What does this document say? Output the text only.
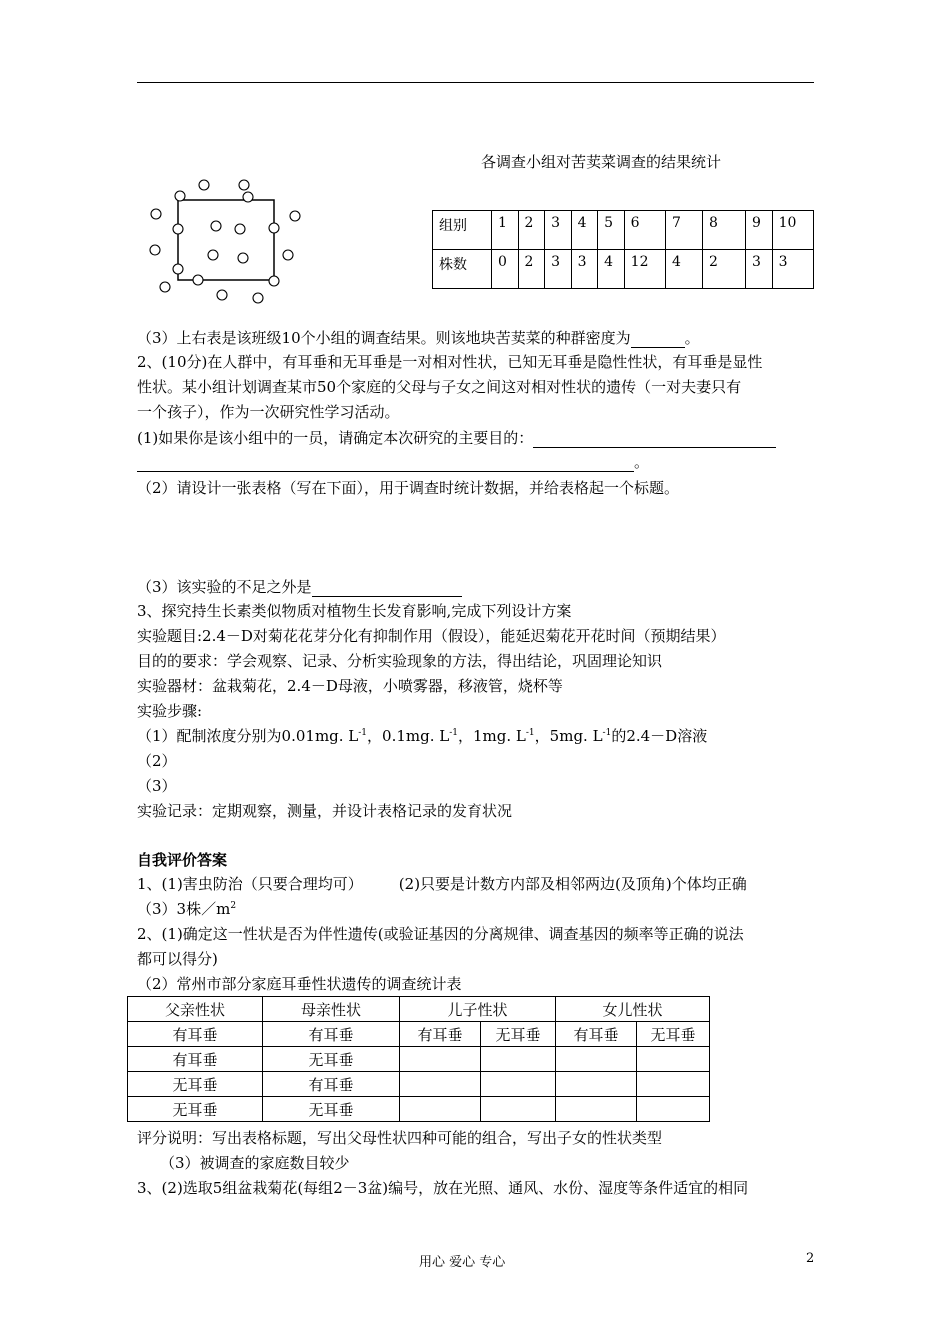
各调查小组对苦荬菜调查的结果统计
组别	1	2	3	4	5	6	7	8	9	10
株数	0	2	3	3	4	12	4	2	3	3
（3）上右表是该班级10个小组的调查结果。则该地块苦荬菜的种群密度为	。
2、(10分)在人群中，有耳垂和无耳垂是一对相对性状，已知无耳垂是隐性性状，有耳垂是显性
性状。某小组计划调查某市50个家庭的父母与子女之间这对相对性状的遗传（一对夫妻只有
一个孩子），作为一次研究性学习活动。
(1)如果你是该小组中的一员，请确定本次研究的主要目的：
。
（2）请设计一张表格（写在下面），用于调查时统计数据，并给表格起一个标题。
（3）该实验的不足之外是
3、探究持生长素类似物质对植物生长发育影响,完成下列设计方案
实验题目:2.4－D对菊花花芽分化有抑制作用（假设），能延迟菊花开花时间（预期结果）
目的的要求：学会观察、记录、分析实验现象的方法，得出结论，巩固理论知识
实验器材：盆栽菊花，2.4－D母液，小喷雾器，移液管，烧杯等
实验步骤:
（1）配制浓度分别为0.01mg. $L^{-1}$，0.1mg. $L^{-1}$，1mg. $L^{-1}$，5mg. $L^{-1}$的2.4－D溶液
（2）
（3）
实验记录：定期观察，测量，并设计表格记录的发育状况
自我评价答案
1、(1)害虫防治（只要合理均可） (2)只要是计数方内部及相邻两边(及顶角)个体均正确
（3）3株$/m^2$
2、(1)确定这一性状是否为伴性遗传(或验证基因的分离规律、调查基因的频率等正确的说法
都可以得分)
（2）常州市部分家庭耳垂性状遗传的调查统计表
父亲性状	母亲性状	儿子性状		女儿性状	
有耳垂	有耳垂	有耳垂	无耳垂	有耳垂	无耳垂
有耳垂	无耳垂				
无耳垂	有耳垂				
无耳垂	无耳垂				
评分说明：写出表格标题，写出父母性状四种可能的组合，写出子女的性状类型
（3）被调查的家庭数目较少
3、(2)选取5组盆栽菊花(每组2－3盆)编号，放在光照、通风、水份、湿度等条件适宜的相同
用心 爱心 专心	2
